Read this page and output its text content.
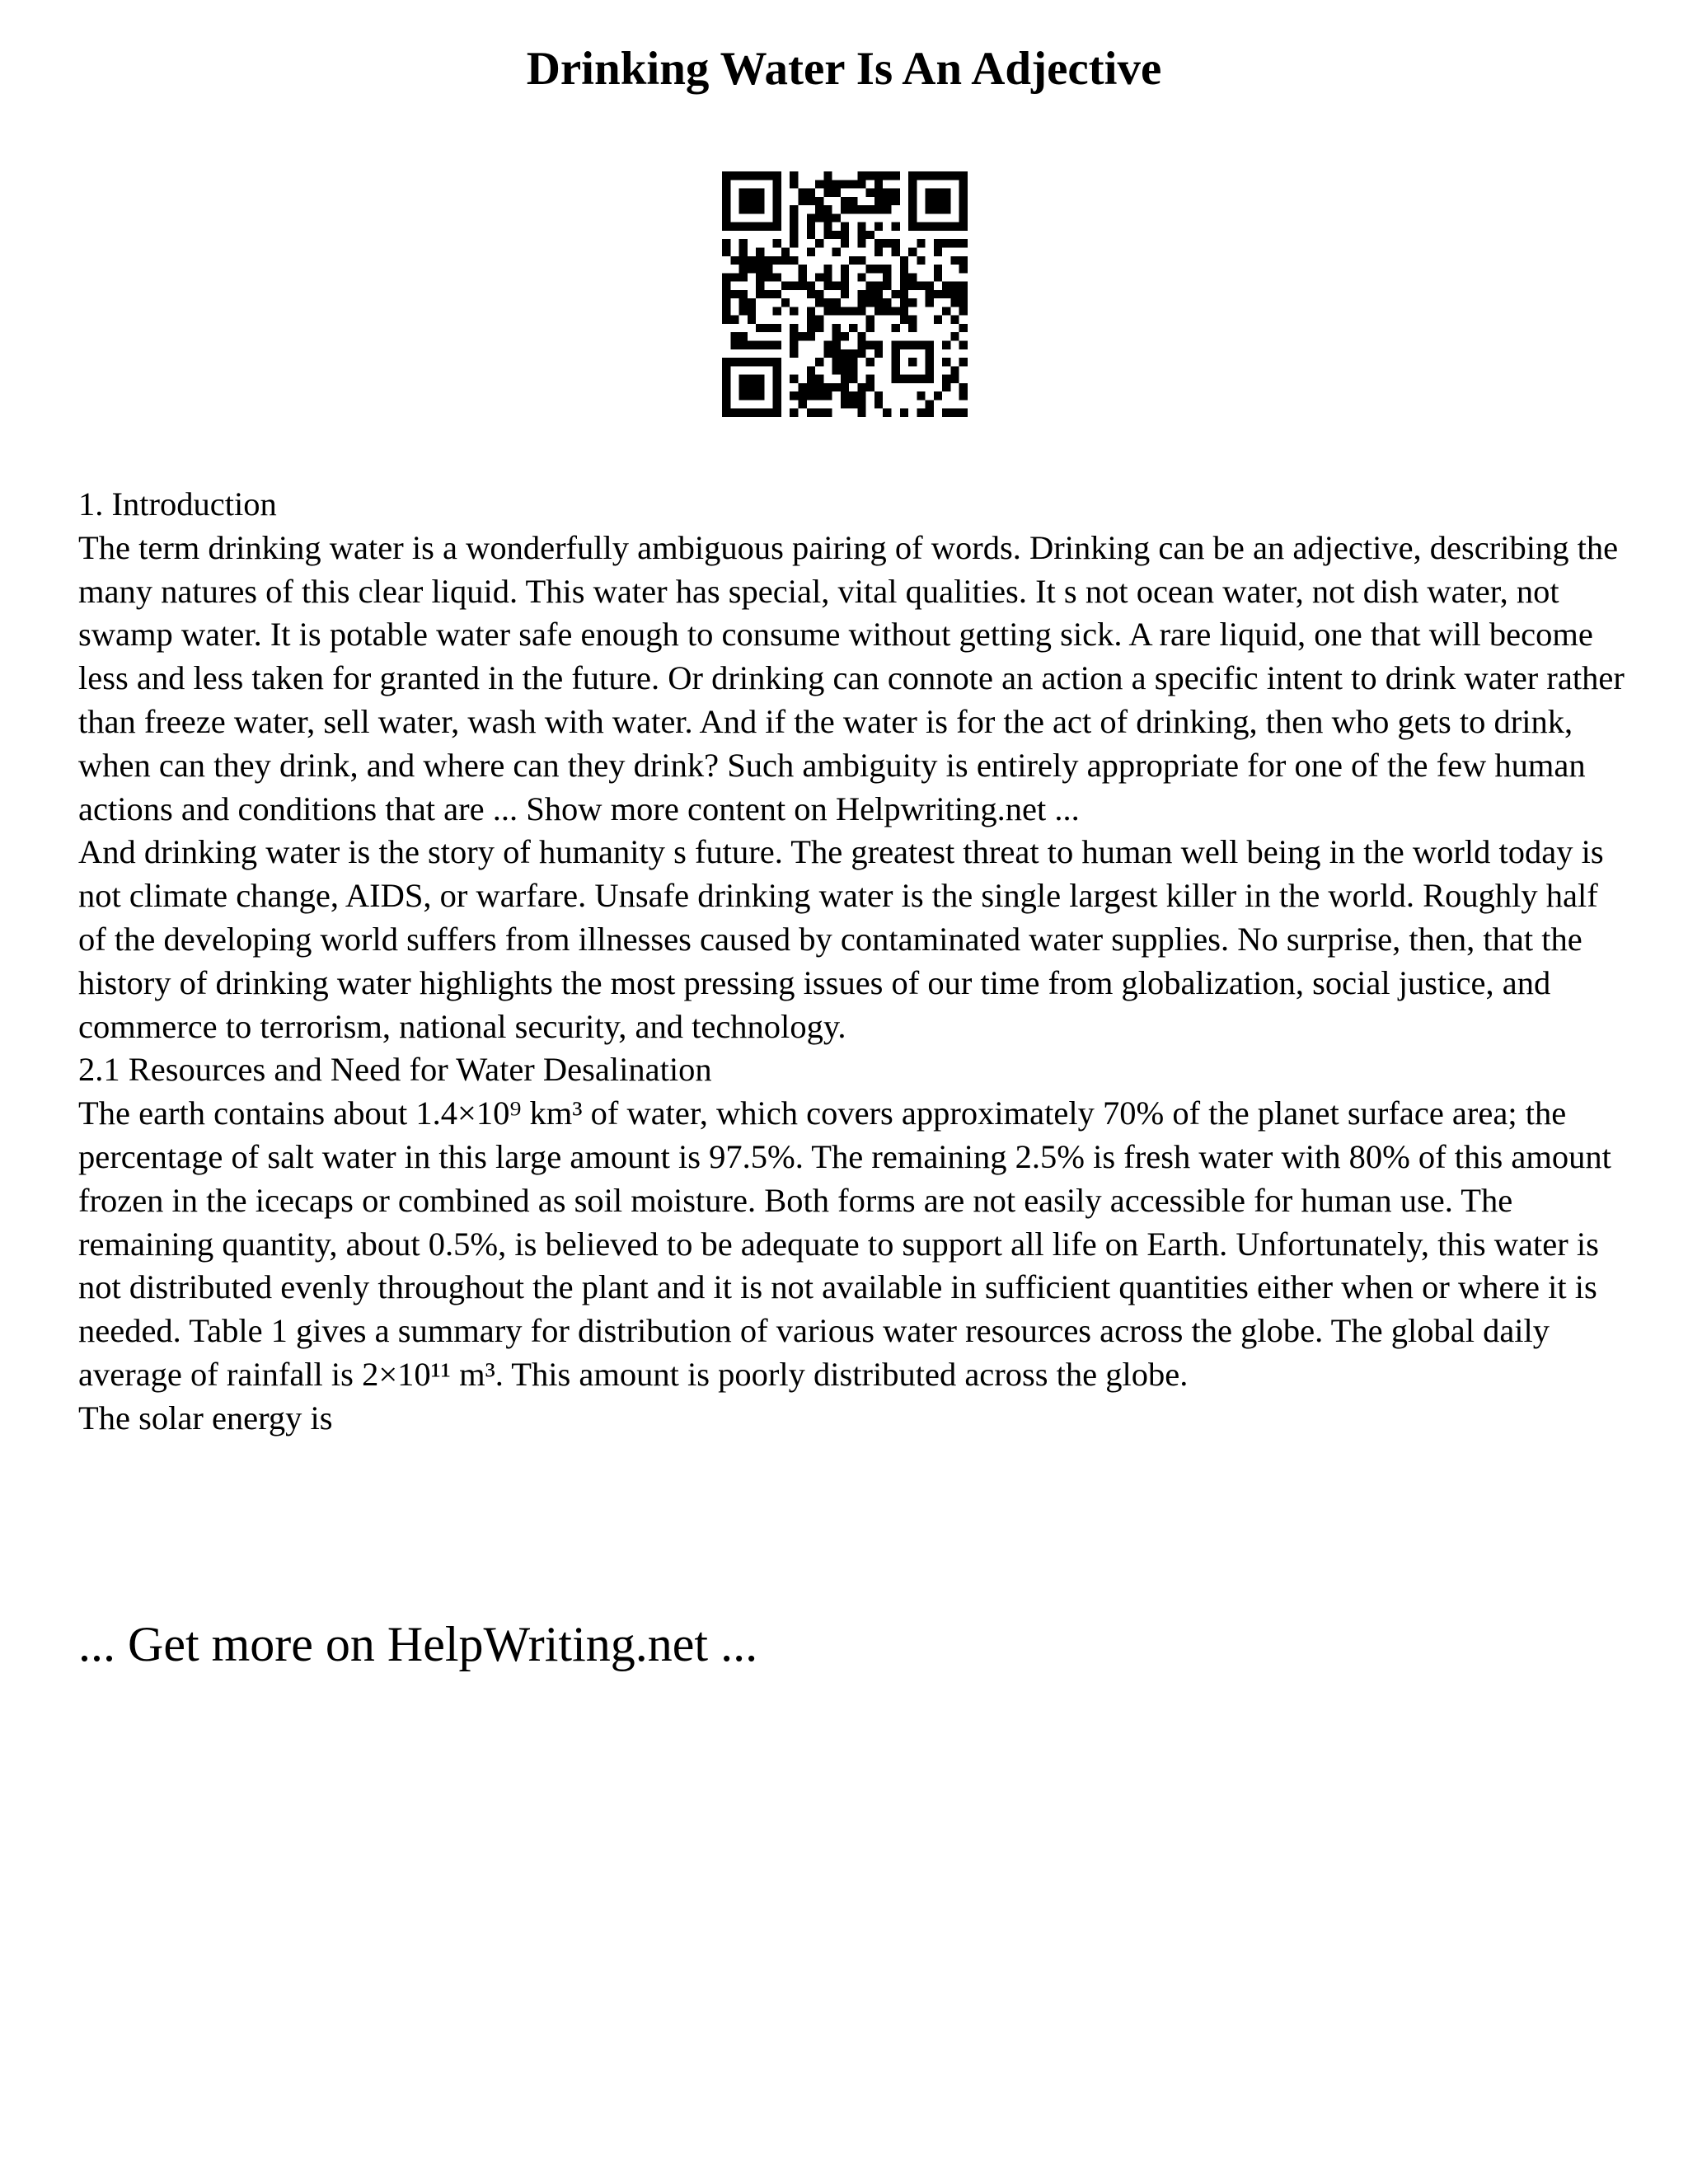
Drinking Water Is An Adjective

1. Introduction

The term drinking water is a wonderfully ambiguous pairing of words. Drinking can be an adjective, describing the many natures of this clear liquid. This water has special, vital qualities. It s not ocean water, not dish water, not swamp water. It is potable water safe enough to consume without getting sick. A rare liquid, one that will become less and less taken for granted in the future. Or drinking can connote an action a specific intent to drink water rather than freeze water, sell water, wash with water. And if the water is for the act of drinking, then who gets to drink, when can they drink, and where can they drink? Such ambiguity is entirely appropriate for one of the few human actions and conditions that are ... Show more content on Helpwriting.net ...

And drinking water is the story of humanity s future. The greatest threat to human well being in the world today is not climate change, AIDS, or warfare. Unsafe drinking water is the single largest killer in the world. Roughly half of the developing world suffers from illnesses caused by contaminated water supplies. No surprise, then, that the history of drinking water highlights the most pressing issues of our time from globalization, social justice, and commerce to terrorism, national security, and technology.

2.1 Resources and Need for Water Desalination

The earth contains about 1.4×10⁹ km³ of water, which covers approximately 70% of the planet surface area; the percentage of salt water in this large amount is 97.5%. The remaining 2.5% is fresh water with 80% of this amount frozen in the icecaps or combined as soil moisture. Both forms are not easily accessible for human use. The remaining quantity, about 0.5%, is believed to be adequate to support all life on Earth. Unfortunately, this water is not distributed evenly throughout the plant and it is not available in sufficient quantities either when or where it is needed. Table 1 gives a summary for distribution of various water resources across the globe. The global daily average of rainfall is 2×10¹¹ m³. This amount is poorly distributed across the globe.

The solar energy is

... Get more on HelpWriting.net ...
